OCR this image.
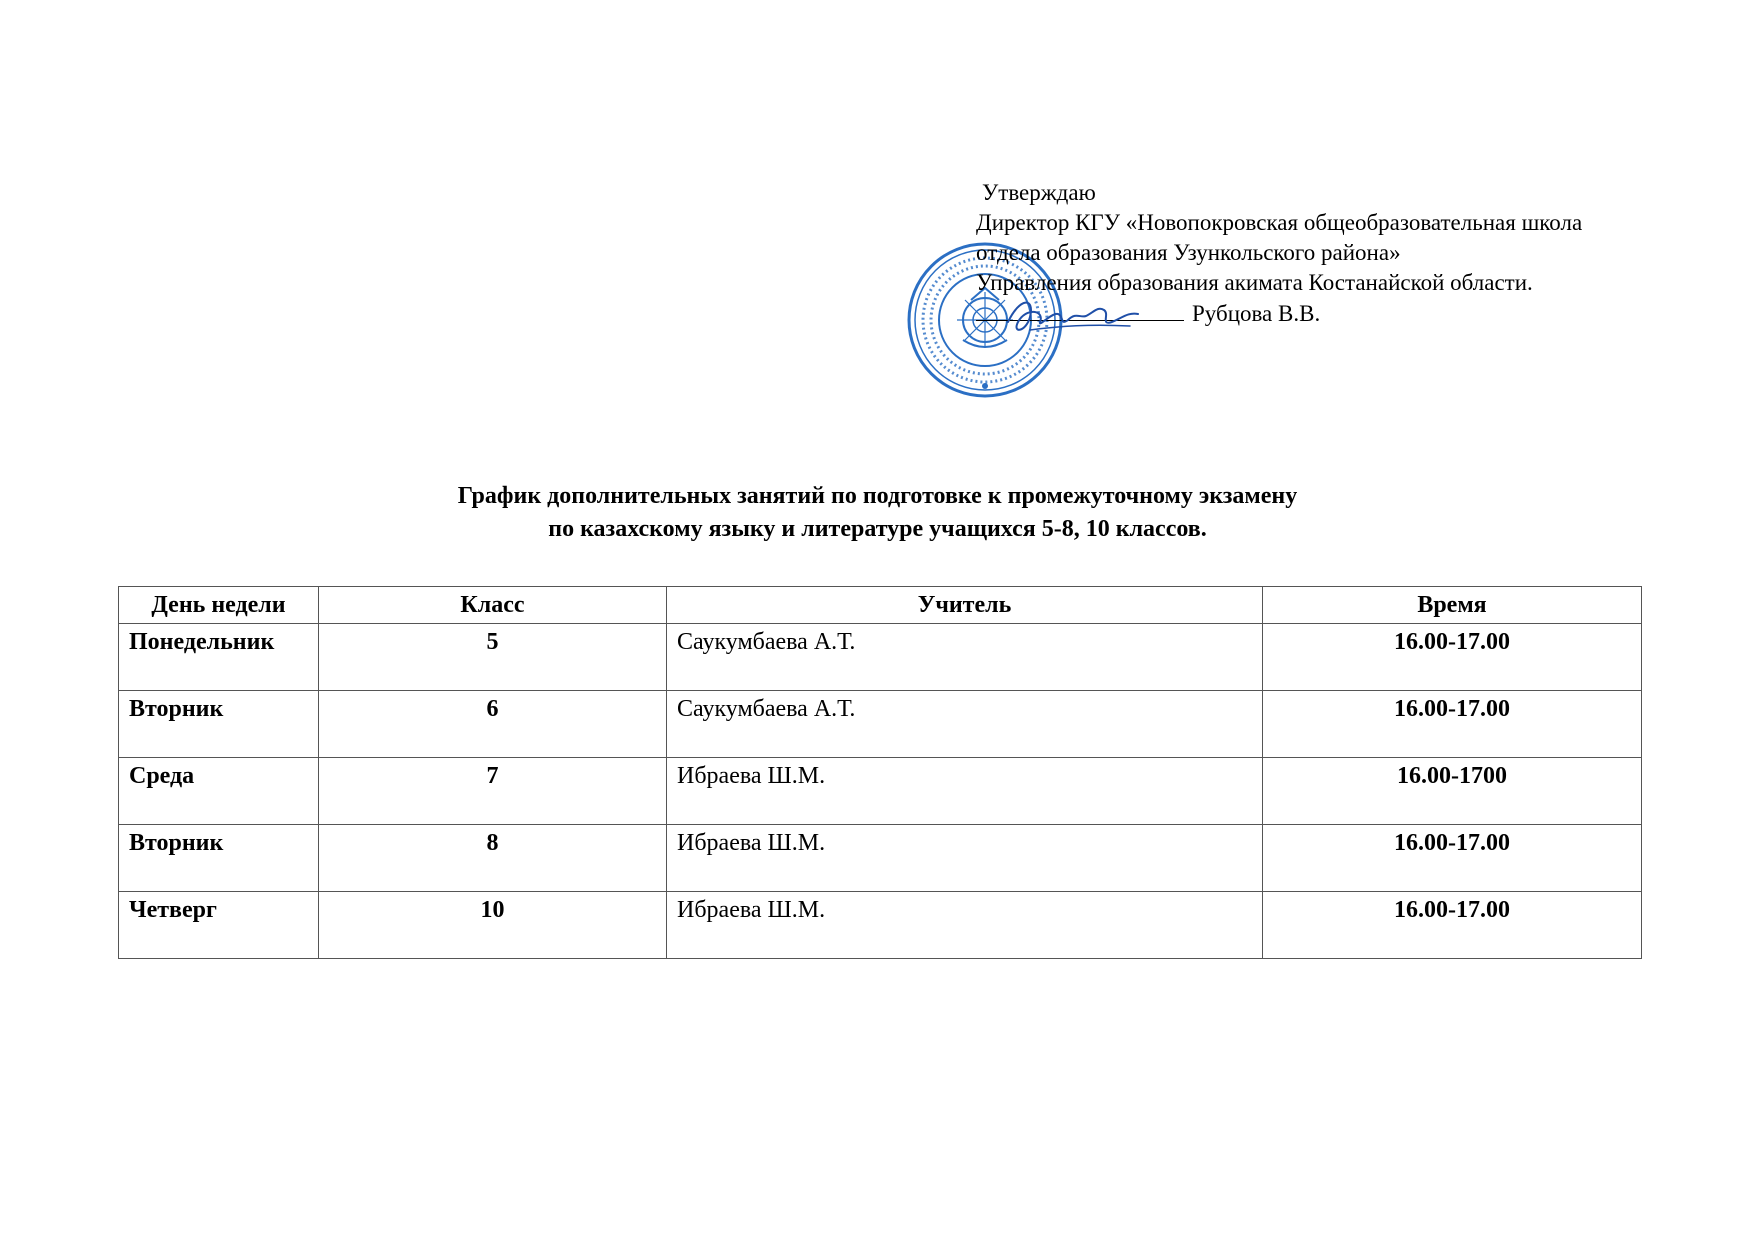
Утверждаю
Директор КГУ «Новопокровская общеобразовательная школа
отдела образования Узункольского района»
Управления образования акимата Костанайской области.
Рубцова В.В.
График дополнительных занятий по подготовке к промежуточному экзамену
по казахскому языку и литературе учащихся 5-8, 10 классов.
День недели	Класс	Учитель	Время
Понедельник	5	Саукумбаева А.Т.	16.00-17.00
Вторник	6	Саукумбаева А.Т.	16.00-17.00
Среда	7	Ибраева Ш.М.	16.00-1700
Вторник	8	Ибраева Ш.М.	16.00-17.00
Четверг	10	Ибраева Ш.М.	16.00-17.00
